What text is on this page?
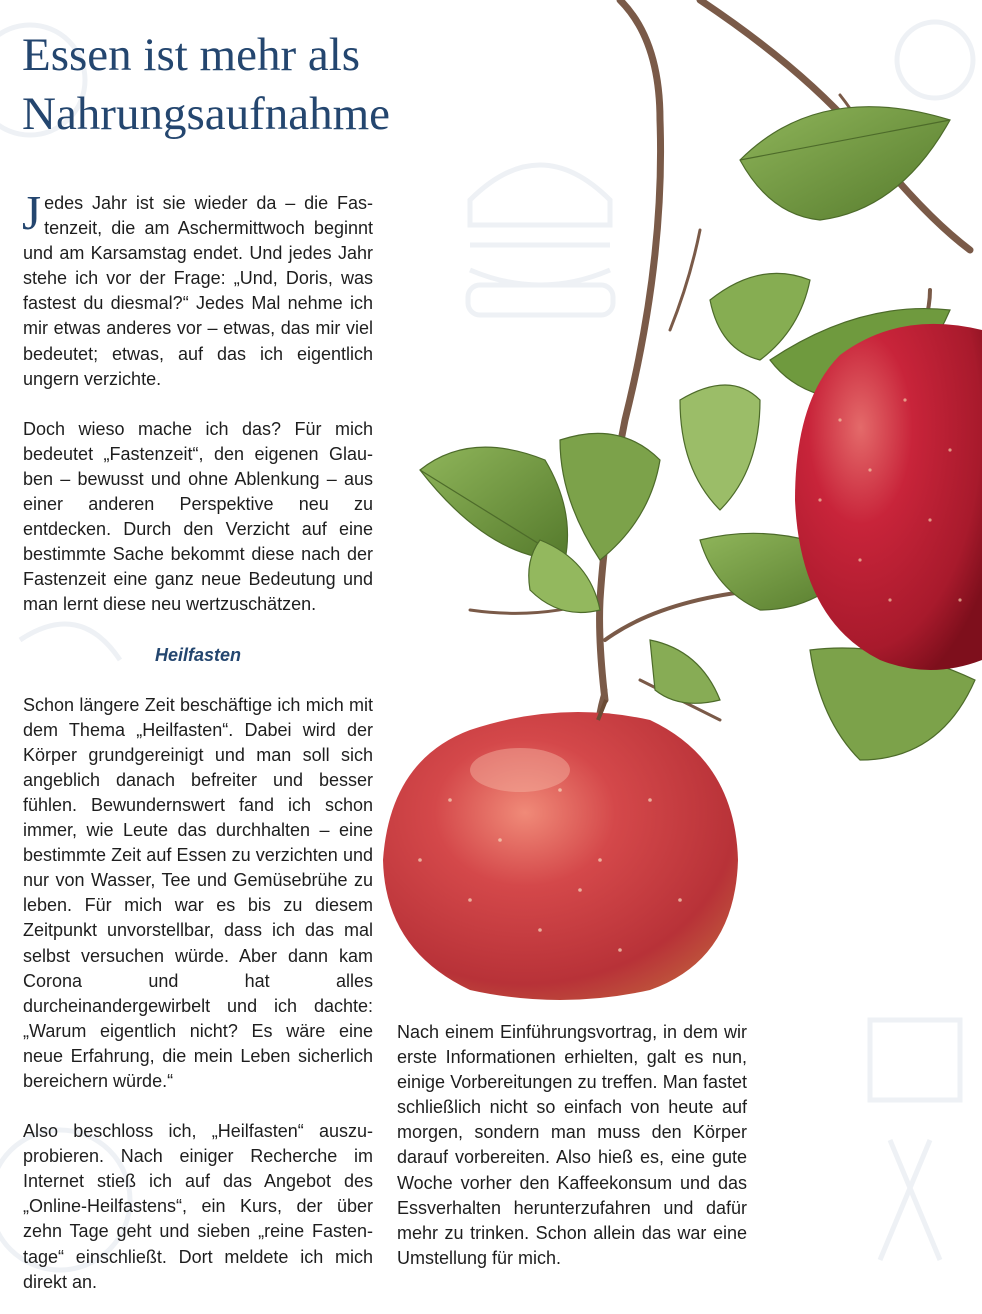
Essen ist mehr als Nahrungsaufnahme

Jedes Jahr ist sie wieder da – die Fastenzeit, die am Aschermittwoch beginnt und am Karsamstag endet. Und jedes Jahr stehe ich vor der Frage: „Und, Doris, was fastest du diesmal?“ Jedes Mal nehme ich mir etwas anderes vor – etwas, das mir viel bedeutet; etwas, auf das ich eigentlich ungern verzichte.

Doch wieso mache ich das? Für mich bedeutet „Fastenzeit“, den eigenen Glauben – bewusst und ohne Ablenkung – aus einer anderen Perspektive neu zu entdecken. Durch den Verzicht auf eine bestimmte Sache bekommt diese nach der Fastenzeit eine ganz neue Bedeutung und man lernt diese neu wertzuschätzen.

Heilfasten

Schon längere Zeit beschäftige ich mich mit dem Thema „Heilfasten“. Dabei wird der Körper grundgereinigt und man soll sich angeblich danach befreiter und besser fühlen. Bewundernswert fand ich schon immer, wie Leute das durchhalten – eine bestimmte Zeit auf Essen zu verzichten und nur von Wasser, Tee und Gemüsebrühe zu leben. Für mich war es bis zu diesem Zeitpunkt unvorstellbar, dass ich das mal selbst versuchen würde. Aber dann kam Corona und hat alles durcheinandergewirbelt und ich dachte: „Warum eigentlich nicht? Es wäre eine neue Erfahrung, die mein Leben sicherlich bereichern würde.“

Also beschloss ich, „Heilfasten“ auszuprobieren. Nach einiger Recherche im Internet stieß ich auf das Angebot des „Online-Heilfastens“, ein Kurs, der über zehn Tage geht und sieben „reine Fastentage“ einschließt. Dort meldete ich mich direkt an.

Nach einem Einführungsvortrag, in dem wir erste Informationen erhielten, galt es nun, einige Vorbereitungen zu treffen. Man fastet schließlich nicht so einfach von heute auf morgen, sondern man muss den Körper darauf vorbereiten. Also hieß es, eine gute Woche vorher den Kaffeekonsum und das Essverhalten herunterzufahren und dafür mehr zu trinken. Schon allein das war eine Umstellung für mich.
